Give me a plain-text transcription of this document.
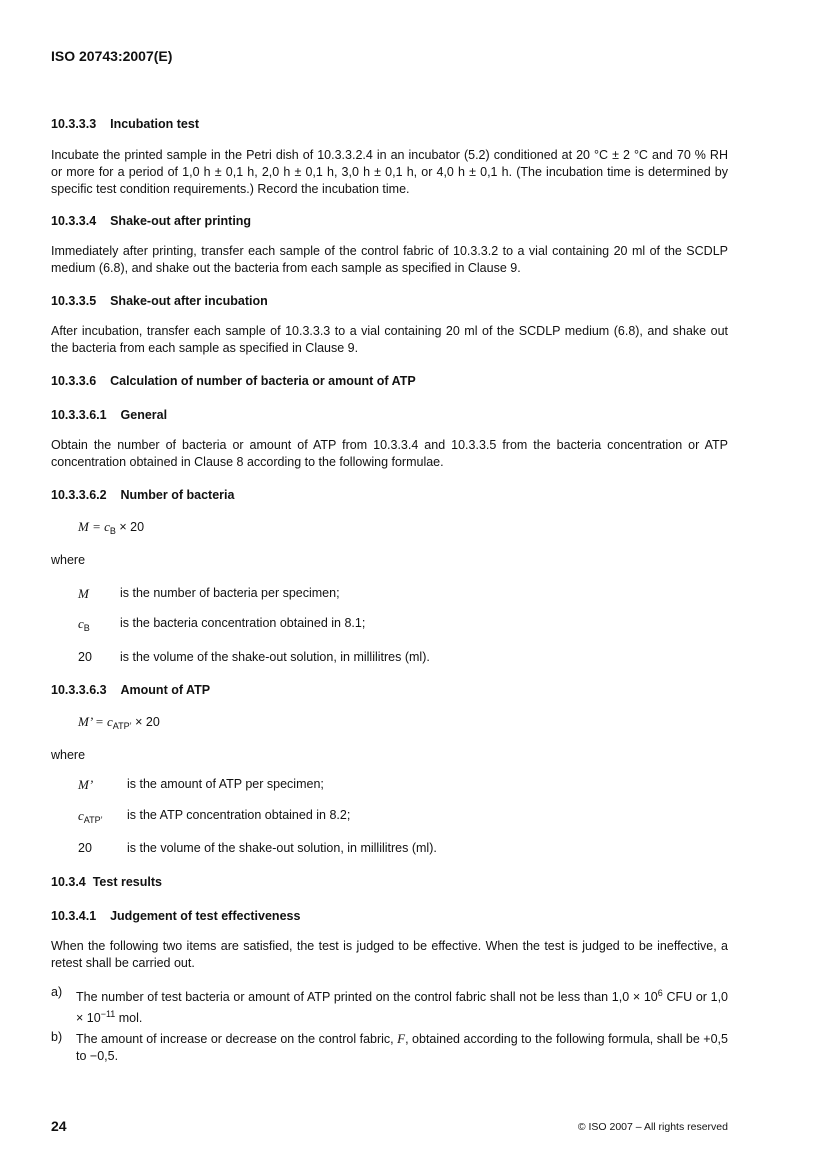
ISO 20743:2007(E)
10.3.3.3 Incubation test
Incubate the printed sample in the Petri dish of 10.3.3.2.4 in an incubator (5.2) conditioned at 20 °C ± 2 °C and 70 % RH or more for a period of 1,0 h ± 0,1 h, 2,0 h ± 0,1 h, 3,0 h ± 0,1 h, or 4,0 h ± 0,1 h. (The incubation time is determined by specific test condition requirements.) Record the incubation time.
10.3.3.4 Shake-out after printing
Immediately after printing, transfer each sample of the control fabric of 10.3.3.2 to a vial containing 20 ml of the SCDLP medium (6.8), and shake out the bacteria from each sample as specified in Clause 9.
10.3.3.5 Shake-out after incubation
After incubation, transfer each sample of 10.3.3.3 to a vial containing 20 ml of the SCDLP medium (6.8), and shake out the bacteria from each sample as specified in Clause 9.
10.3.3.6 Calculation of number of bacteria or amount of ATP
10.3.3.6.1 General
Obtain the number of bacteria or amount of ATP from 10.3.3.4 and 10.3.3.5 from the bacteria concentration or ATP concentration obtained in Clause 8 according to the following formulae.
10.3.3.6.2 Number of bacteria
$M = c_B \times 20$
where
M is the number of bacteria per specimen;
$c_B$ is the bacteria concentration obtained in 8.1;
20 is the volume of the shake-out solution, in millilitres (ml).
10.3.3.6.3 Amount of ATP
M’ = $c_{ATP’} \times 20$
where
M’	is the amount of ATP per specimen;
$c_{ATP’}$ is the ATP concentration obtained in 8.2;
20	is the volume of the shake-out solution, in millilitres (ml).
10.3.4 Test results
10.3.4.1 Judgement of test effectiveness
When the following two items are satisfied, the test is judged to be effective. When the test is judged to be ineffective, a retest shall be carried out.
a) The number of test bacteria or amount of ATP printed on the control fabric shall not be less than $1,0 \times 10^6$ CFU or $1,0 \times 10^{-11}$ mol.
b) The amount of increase or decrease on the control fabric, F, obtained according to the following formula, shall be +0,5 to −0,5.
24	© ISO 2007 – All rights reserved
